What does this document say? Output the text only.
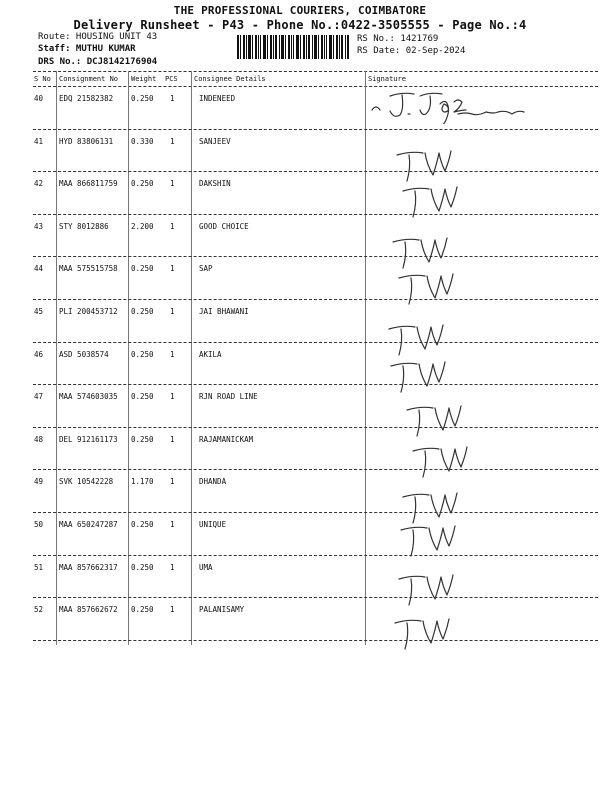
THE PROFESSIONAL COURIERS, COIMBATORE
Delivery Runsheet - P43 - Phone No.:0422-3505555 - Page No.:4
Route: HOUSING UNIT 43
Staff: MUTHU KUMAR
DRS No.: DCJ8142176904
RS No.: 1421769
RS Date: 02-Sep-2024
S No Consignment No Weight PCS Consignee Details	Signature
40 EDQ 21582382 0.250 1	INDENEED
41 HYD 83806131 0.330 1	SANJEEV
42 MAA 866811759 0.250 1	DAKSHIN
43 STY 8012886	2.200 1	GOOD CHOICE
44 MAA 575515758 0.250 1	SAP
45 PLI 200453712 0.250 1	JAI BHAWANI
46 ASD 5038574	0.250 1	AKILA
47 MAA 574603035 0.250 1	RJN ROAD LINE
48 DEL 912161173 0.250 1	RAJAMANICKAM
49 SVK 10542228 1.170 1	DHANDA
50 MAA 650247287 0.250 1	UNIQUE
51 MAA 857662317 0.250 1	UMA
52 MAA 857662672 0.250 1	PALANISAMY
